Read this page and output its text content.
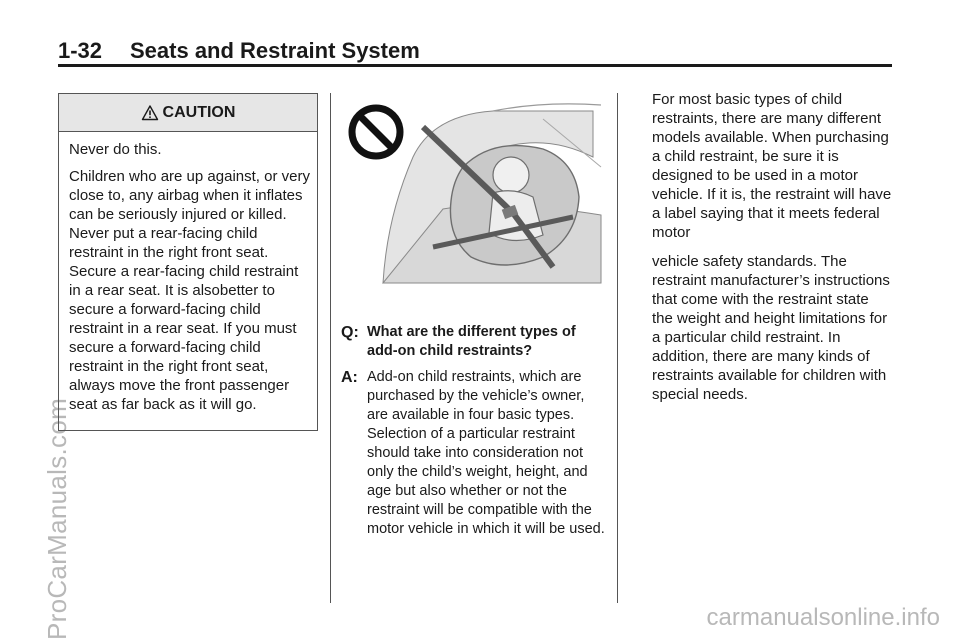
1-32 Seats and Restraint System
ProCarManuals.com	carmanualsonline.info
CAUTION

Never do this.

Children who are up against, or very close to, any airbag when it inflates can be seriously injured or killed. Never put a rear-facing child restraint in the right front seat. Secure a rear-facing child restraint in a rear seat. It is alsobetter to secure a forward-facing child restraint in a rear seat. If you must secure a forward-facing child restraint in the right front seat, always move the front passenger seat as far back as it will go.

Q: What are the different types of add-on child restraints?
A: Add-on child restraints, which are purchased by the vehicle’s owner, are available in four basic types. Selection of a particular restraint should take into consideration not only the child’s weight, height, and age but also whether or not the restraint will be compatible with the motor vehicle in which it will be used.

For most basic types of child restraints, there are many different models available. When purchasing a child restraint, be sure it is designed to be used in a motor vehicle. If it is, the restraint will have a label saying that it meets federal motor

vehicle safety standards. The restraint manufacturer’s instructions that come with the restraint state the weight and height limitations for a particular child restraint. In addition, there are many kinds of restraints available for children with special needs.
